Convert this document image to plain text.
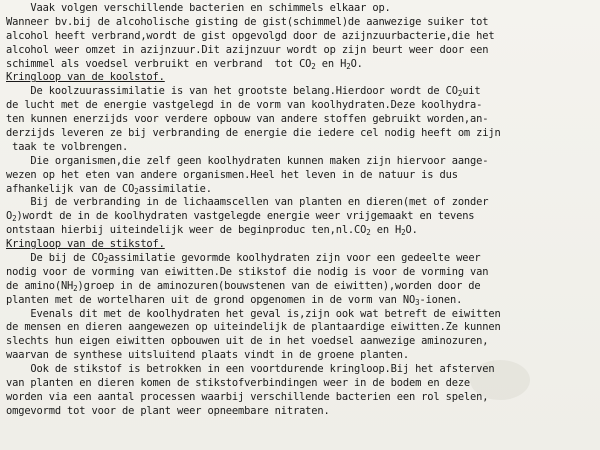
Vaak volgen verschillende bacterien en schimmels elkaar op.
Wanneer bv.bij de alcoholische gisting de gist(schimmel)de aanwezige suiker tot
alcohol heeft verbrand,wordt de gist opgevolgd door de azijnzuurbacterie,die het
alcohol weer omzet in azijnzuur.Dit azijnzuur wordt op zijn beurt weer door een
schimmel als voedsel verbruikt en verbrand  tot $CO_2$ en $H_2O$.
Kringloop van de koolstof.
De koolzuurassimilatie is van het grootste belang.Hierdoor wordt de $CO_2uit$
de lucht met de energie vastgelegd in de vorm van koolhydraten.Deze koolhydra-
ten kunnen enerzijds voor verdere opbouw van andere stoffen gebruikt worden,an-
derzijds leveren ze bij verbranding de energie die iedere cel nodig heeft om zijn
taak te volbrengen.
Die organismen,die zelf geen koolhydraten kunnen maken zijn hiervoor aange-
wezen op het eten van andere organismen.Heel het leven in de natuur is dus
afhankelijk van de $CO_2assimilatie$.
Bij de verbranding in de lichaamscellen van planten en dieren(met of zonder
$O_2)wordt$ de in de koolhydraten vastgelegde energie weer vrijgemaakt en tevens
ontstaan hierbij uiteindelijk weer de beginproduc $ten,nl.CO_2$ en $H_2O$.
Kringloop van de stikstof.
De bij de $CO_2assimilatie$ gevormde koolhydraten zijn voor een gedeelte weer
nodig voor de vorming van eiwitten.De stikstof die nodig is voor de vorming van
de $amino(NH_2)groep$ in de aminozuren(bouwstenen van de eiwitten),worden door de
planten met de wortelharen uit de grond opgenomen in de vorm van $NO_3$-ionen.
Evenals dit met de koolhydraten het geval is,zijn ook wat betreft de eiwitten
de mensen en dieren aangewezen op uiteindelijk de plantaardige eiwitten.Ze kunnen
slechts hun eigen eiwitten opbouwen uit de in het voedsel aanwezige aminozuren,
waarvan de synthese uitsluitend plaats vindt in de groene planten.
Ook de stikstof is betrokken in een voortdurende kringloop.Bij het afsterven
van planten en dieren komen de stikstofverbindingen weer in de bodem en deze
worden via een aantal processen waarbij verschillende bacterien een rol spelen,
omgevormd tot voor de plant weer opneembare nitraten.
